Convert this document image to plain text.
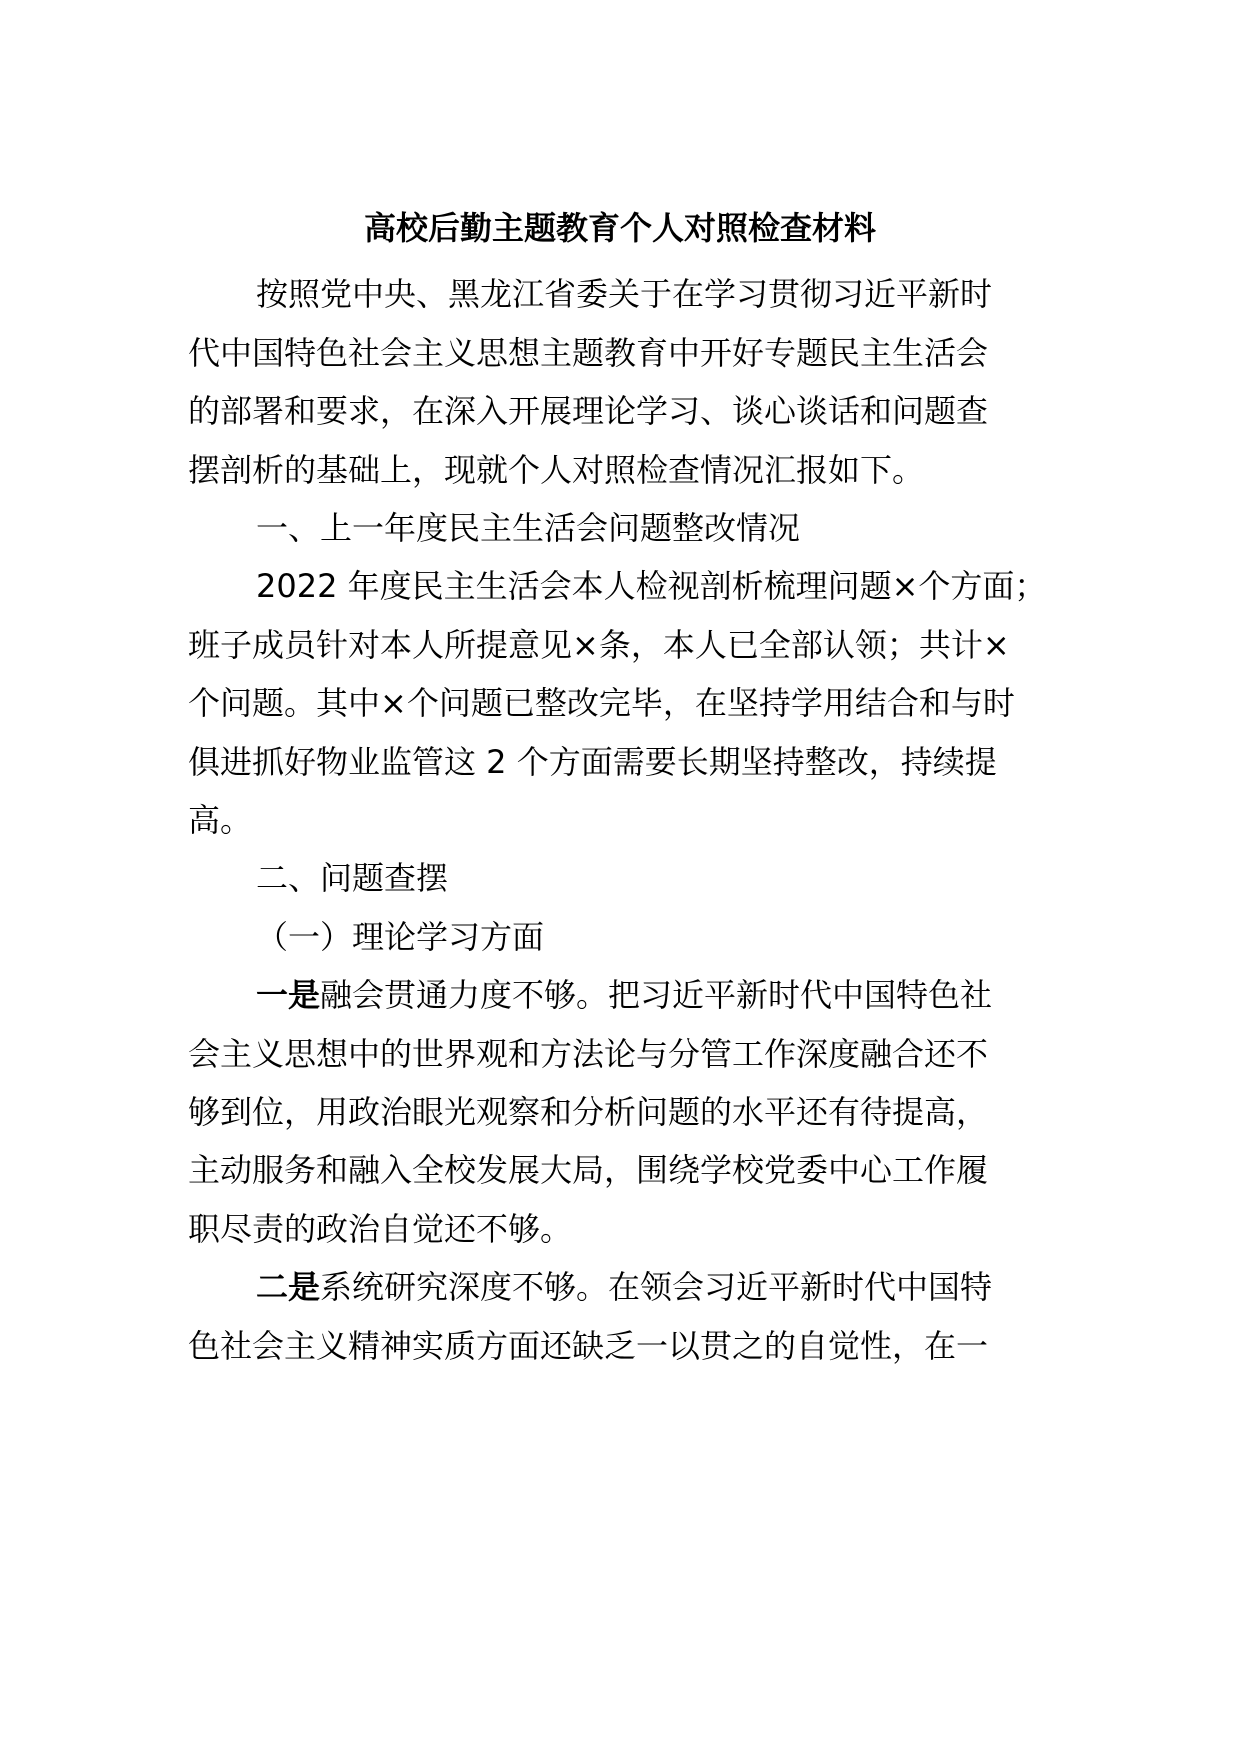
高校后勤主题教育个人对照检查材料
按照党中央、黑龙江省委关于在学习贯彻习近平新时
代中国特色社会主义思想主题教育中开好专题民主生活会
的部署和要求，在深入开展理论学习、谈心谈话和问题查
摆剖析的基础上，现就个人对照检查情况汇报如下。
一、上一年度民主生活会问题整改情况
2022 年度民主生活会本人检视剖析梳理问题×个方面；
班子成员针对本人所提意见×条，本人已全部认领；共计×
个问题。其中×个问题已整改完毕，在坚持学用结合和与时
俱进抓好物业监管这 2 个方面需要长期坚持整改，持续提
高。
二、问题查摆
（一）理论学习方面
一是融会贯通力度不够。把习近平新时代中国特色社
会主义思想中的世界观和方法论与分管工作深度融合还不
够到位，用政治眼光观察和分析问题的水平还有待提高，
主动服务和融入全校发展大局，围绕学校党委中心工作履
职尽责的政治自觉还不够。
二是系统研究深度不够。在领会习近平新时代中国特
色社会主义精神实质方面还缺乏一以贯之的自觉性，在一
